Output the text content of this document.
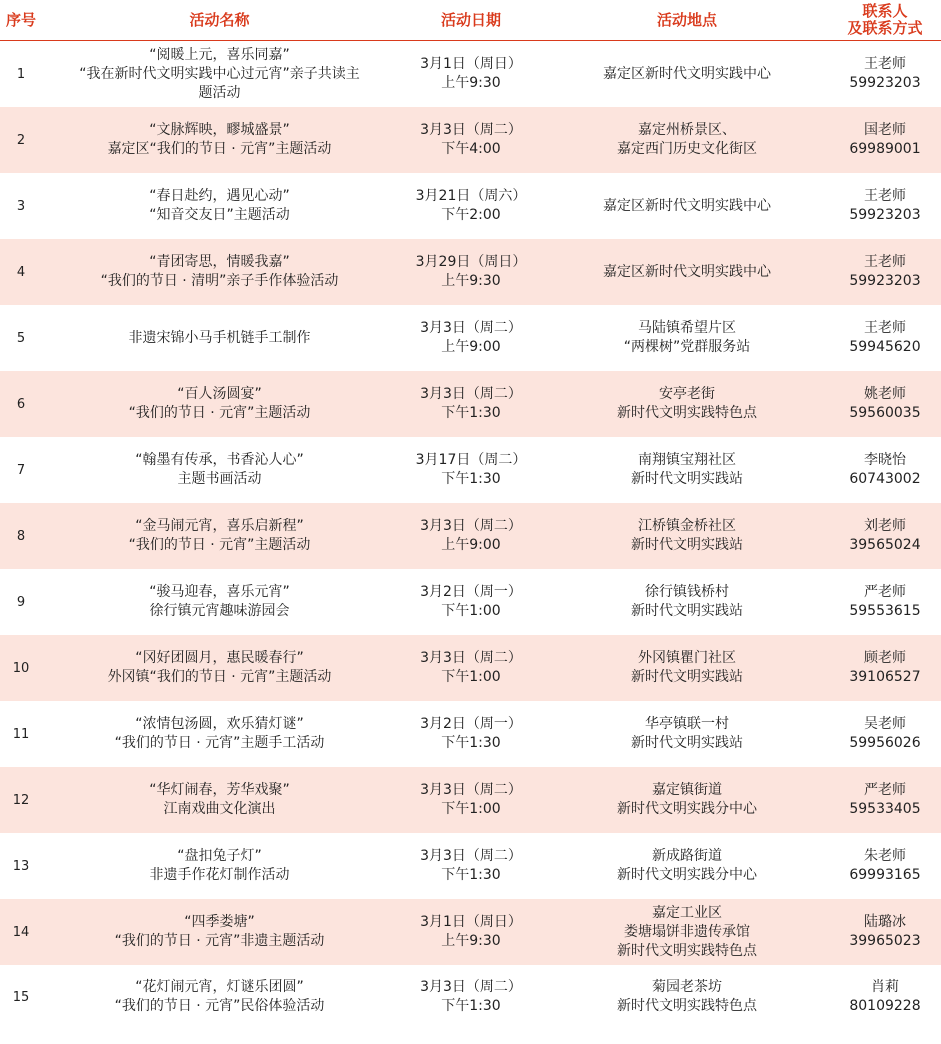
序号	活动名称	活动日期	活动地点	联系人
及联系方式

1	“阅暖上元，喜乐同嘉”
“我在新时代文明实践中心过元宵”亲子共读主
题活动	3月1日（周日）
上午9:30	嘉定区新时代文明实践中心	王老师
59923203

2	“文脉辉映，疁城盛景”
嘉定区“我们的节日 · 元宵”主题活动	3月3日（周二）
下午4:00	嘉定州桥景区、
嘉定西门历史文化街区	国老师
69989001

3	“春日赴约，遇见心动”
“知音交友日”主题活动	3月21日（周六）
下午2:00	嘉定区新时代文明实践中心	王老师
59923203

4	“青团寄思，情暖我嘉”
“我们的节日 · 清明”亲子手作体验活动	3月29日（周日）
上午9:30	嘉定区新时代文明实践中心	王老师
59923203

5	非遗宋锦小马手机链手工制作	3月3日（周二）
上午9:00	马陆镇希望片区
“两棵树”党群服务站	王老师
59945620

6	“百人汤圆宴”
“我们的节日 · 元宵”主题活动	3月3日（周二）
下午1:30	安亭老街
新时代文明实践特色点	姚老师
59560035

7	“翰墨有传承，书香沁人心”
主题书画活动	3月17日（周二）
下午1:30	南翔镇宝翔社区
新时代文明实践站	李晓怡
60743002

8	“金马闹元宵，喜乐启新程”
“我们的节日 · 元宵”主题活动	3月3日（周二）
上午9:00	江桥镇金桥社区
新时代文明实践站	刘老师
39565024

9	“骏马迎春，喜乐元宵”
徐行镇元宵趣味游园会	3月2日（周一）
下午1:00	徐行镇钱桥村
新时代文明实践站	严老师
59553615

10	“冈好团圆月，惠民暖春行”
外冈镇“我们的节日 · 元宵”主题活动	3月3日（周二）
下午1:00	外冈镇瞿门社区
新时代文明实践站	顾老师
39106527

11	“浓情包汤圆，欢乐猜灯谜”
“我们的节日 · 元宵”主题手工活动	3月2日（周一）
下午1:30	华亭镇联一村
新时代文明实践站	吴老师
59956026

12	“华灯闹春，芳华戏聚”
江南戏曲文化演出	3月3日（周二）
下午1:00	嘉定镇街道
新时代文明实践分中心	严老师
59533405

13	“盘扣兔子灯”
非遗手作花灯制作活动	3月3日（周二）
下午1:30	新成路街道
新时代文明实践分中心	朱老师
69993165

14	“四季娄塘”
“我们的节日 · 元宵”非遗主题活动	3月1日（周日）
上午9:30	嘉定工业区
娄塘塌饼非遗传承馆
新时代文明实践特色点	陆璐冰
39965023

15	“花灯闹元宵，灯谜乐团圆”
“我们的节日 · 元宵”民俗体验活动	3月3日（周二）
下午1:30	菊园老茶坊
新时代文明实践特色点	肖莉
80109228
